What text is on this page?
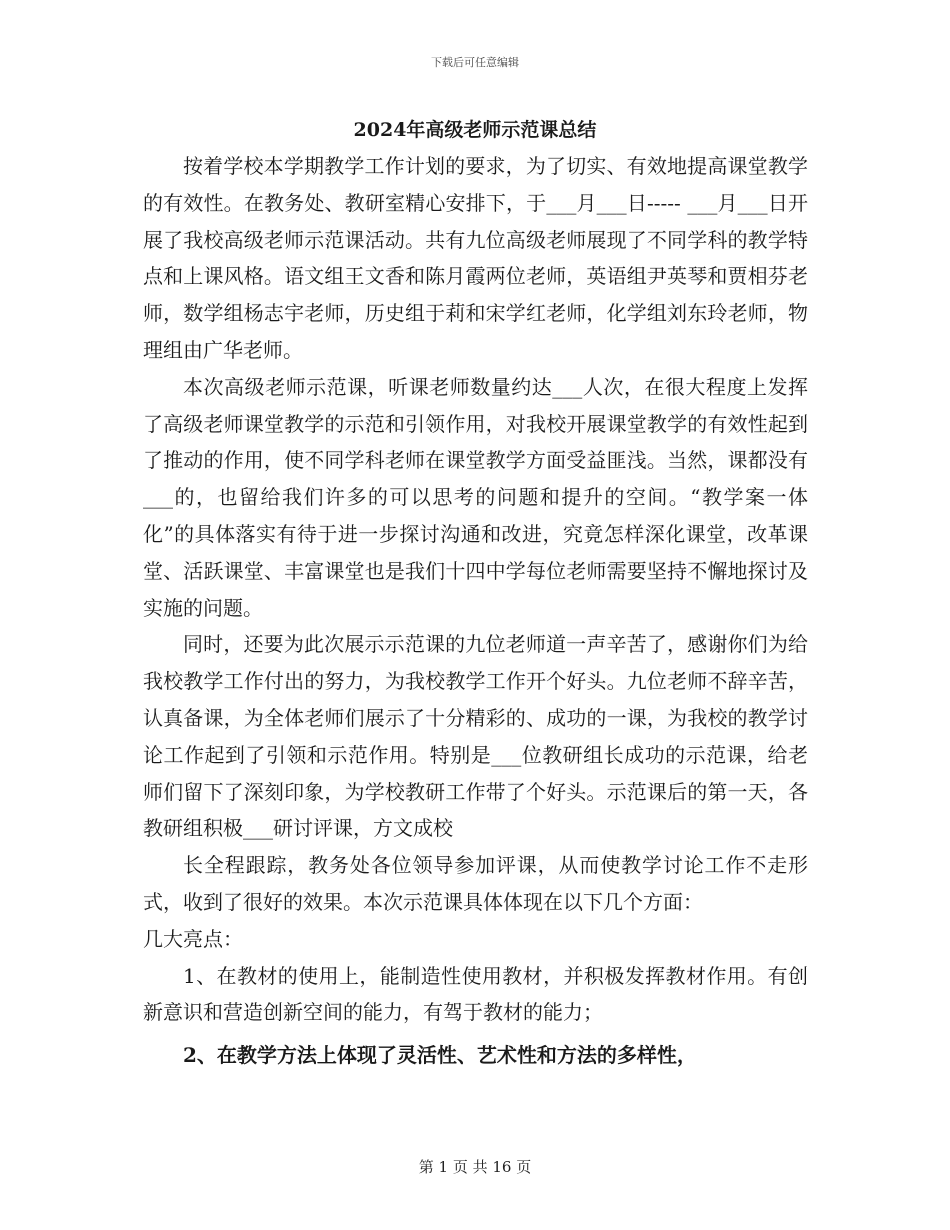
下载后可任意编辑
2024年高级老师示范课总结

按着学校本学期教学工作计划的要求，为了切实、有效地提高课堂教学的有效性。在教务处、教研室精心安排下，于___月___日----- ___月___日开展了我校高级老师示范课活动。共有九位高级老师展现了不同学科的教学特点和上课风格。语文组王文香和陈月霞两位老师，英语组尹英琴和贾相芬老师，数学组杨志宇老师，历史组于莉和宋学红老师，化学组刘东玲老师，物理组由广华老师。

本次高级老师示范课，听课老师数量约达___人次，在很大程度上发挥了高级老师课堂教学的示范和引领作用，对我校开展课堂教学的有效性起到了推动的作用，使不同学科老师在课堂教学方面受益匪浅。当然，课都没有___的，也留给我们许多的可以思考的问题和提升的空间。“教学案一体化”的具体落实有待于进一步探讨沟通和改进，究竟怎样深化课堂，改革课堂、活跃课堂、丰富课堂也是我们十四中学每位老师需要坚持不懈地探讨及实施的问题。

同时，还要为此次展示示范课的九位老师道一声辛苦了，感谢你们为给我校教学工作付出的努力，为我校教学工作开个好头。九位老师不辞辛苦，认真备课，为全体老师们展示了十分精彩的、成功的一课，为我校的教学讨论工作起到了引领和示范作用。特别是___位教研组长成功的示范课，给老师们留下了深刻印象，为学校教研工作带了个好头。示范课后的第一天，各教研组积极___研讨评课，方文成校

长全程跟踪，教务处各位领导参加评课，从而使教学讨论工作不走形式，收到了很好的效果。本次示范课具体体现在以下几个方面：

几大亮点：

1、在教材的使用上，能制造性使用教材，并积极发挥教材作用。有创新意识和营造创新空间的能力，有驾于教材的能力；

2、在教学方法上体现了灵活性、艺术性和方法的多样性，

第 1 页 共 16 页
